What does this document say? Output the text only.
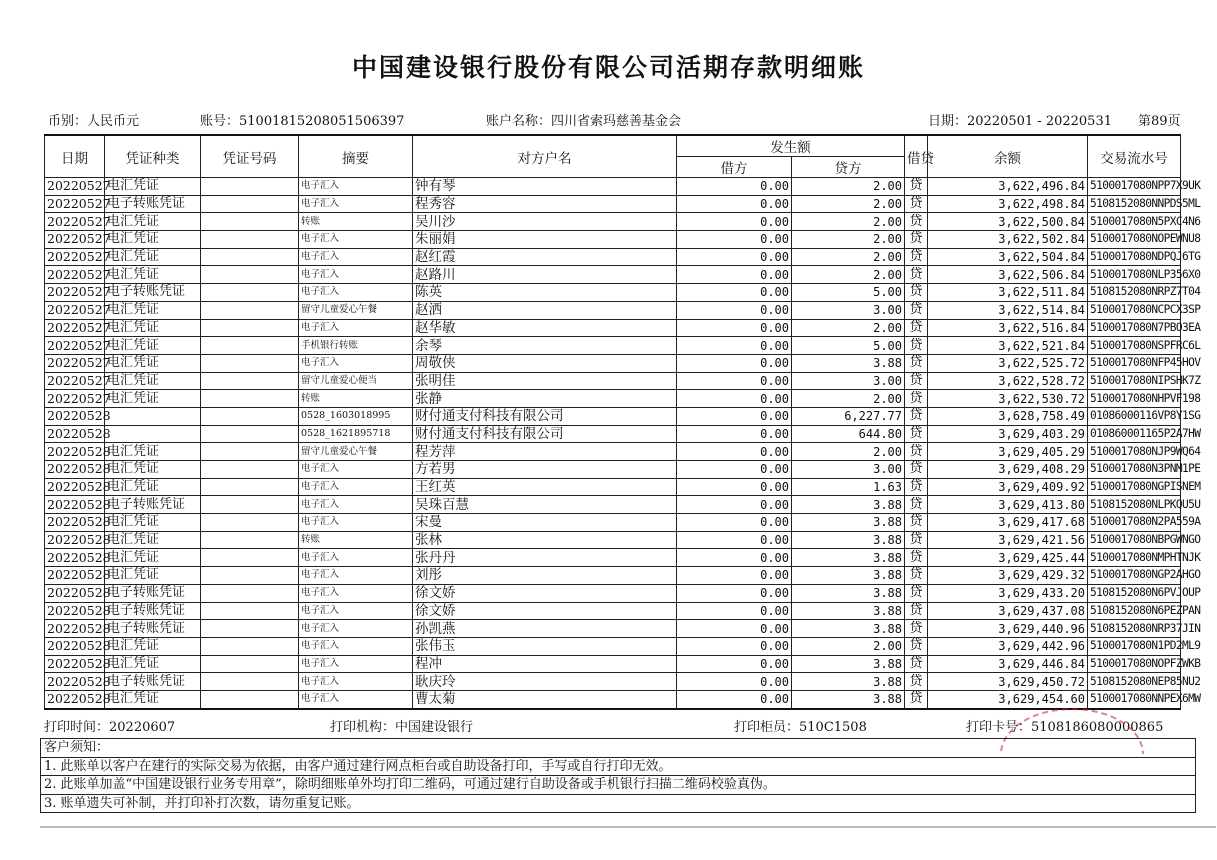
中国建设银行股份有限公司活期存款明细账
币别：人民币元	账号：51001815208051506397	账户名称：四川省索玛慈善基金会	日期：20220501 - 20220531 第89页
日期	凭证种类	凭证号码	摘要	对方户名	发生额		借贷	余额	交易流水号
					借方	贷方			
20220527	电汇凭证		电子汇入	钟有琴	0.00	2.00	贷	3,622,496.84	5100017080NPP7X9UK
20220527	电子转账凭证		电子汇入	程秀容	0.00	2.00	贷	3,622,498.84	5108152080NNPDS5ML
20220527	电汇凭证		转账	吴川沙	0.00	2.00	贷	3,622,500.84	5100017080N5PXC4N6
20220527	电汇凭证		电子汇入	朱丽娟	0.00	2.00	贷	3,622,502.84	5100017080NOPEWNU8
20220527	电汇凭证		电子汇入	赵红霞	0.00	2.00	贷	3,622,504.84	5100017080NDPQJ6TG
20220527	电汇凭证		电子汇入	赵路川	0.00	2.00	贷	3,622,506.84	5100017080NLP356X0
20220527	电子转账凭证		电子汇入	陈英	0.00	5.00	贷	3,622,511.84	5108152080NRPZ7T04
20220527	电汇凭证		留守儿童爱心午餐	赵洒	0.00	3.00	贷	3,622,514.84	5100017080NCPCX3SP
20220527	电汇凭证		电子汇入	赵华敏	0.00	2.00	贷	3,622,516.84	5100017080N7PBO3EA
20220527	电汇凭证		手机银行转账	余琴	0.00	5.00	贷	3,622,521.84	5100017080NSPFRC6L
20220527	电汇凭证		电子汇入	周敬侠	0.00	3.88	贷	3,622,525.72	5100017080NFP45HOV
20220527	电汇凭证		留守儿童爱心便当	张明佳	0.00	3.00	贷	3,622,528.72	5100017080NIPSHK7Z
20220527	电汇凭证		转账	张静	0.00	2.00	贷	3,622,530.72	5100017080NHPVF198
20220528			0528_1603018995	财付通支付科技有限公司	0.00	6,227.77	贷	3,628,758.49	01086000116VP8Y1SG
20220528			0528_1621895718	财付通支付科技有限公司	0.00	644.80	贷	3,629,403.29	010860001165P2A7HW
20220528	电汇凭证		留守儿童爱心午餐	程芳萍	0.00	2.00	贷	3,629,405.29	5100017080NJP9WQ64
20220528	电汇凭证		电子汇入	方若男	0.00	3.00	贷	3,629,408.29	5100017080N3PNM1PE
20220528	电汇凭证		电子汇入	王红英	0.00	1.63	贷	3,629,409.92	5100017080NGPISNEM
20220528	电子转账凭证		电子汇入	吴珠百慧	0.00	3.88	贷	3,629,413.80	5108152080NLPKQU5U
20220528	电汇凭证		电子汇入	宋曼	0.00	3.88	贷	3,629,417.68	5100017080N2PA559A
20220528	电汇凭证		转账	张林	0.00	3.88	贷	3,629,421.56	5100017080NBPGWNGO
20220528	电汇凭证		电子汇入	张丹丹	0.00	3.88	贷	3,629,425.44	5100017080NMPHTNJK
20220528	电汇凭证		电子汇入	刘彤	0.00	3.88	贷	3,629,429.32	5100017080NGP2AHGO
20220528	电子转账凭证		电子汇入	徐文娇	0.00	3.88	贷	3,629,433.20	5108152080N6PVJOUP
20220528	电子转账凭证		电子汇入	徐文娇	0.00	3.88	贷	3,629,437.08	5108152080N6PEZPAN
20220528	电子转账凭证		电子汇入	孙凯燕	0.00	3.88	贷	3,629,440.96	5108152080NRP37JIN
20220528	电汇凭证		电子汇入	张伟玉	0.00	2.00	贷	3,629,442.96	5100017080N1PD2ML9
20220528	电汇凭证		电子汇入	程冲	0.00	3.88	贷	3,629,446.84	5100017080NOPFZWKB
20220528	电子转账凭证		电子汇入	耿庆玲	0.00	3.88	贷	3,629,450.72	5108152080NEP85NU2
20220528	电汇凭证		电子汇入	曹太菊	0.00	3.88	贷	3,629,454.60	5100017080NNPEX6MW
打印时间：20220607	打印机构：中国建设银行	打印柜员：510C1508	打印卡号：5108186080000865
客户须知：
1. 此账单以客户在建行的实际交易为依据，由客户通过建行网点柜台或自助设备打印，手写或自行打印无效。
2. 此账单加盖“中国建设银行业务专用章”，除明细账单外均打印二维码，可通过建行自助设备或手机银行扫描二维码校验真伪。
3. 账单遗失可补制，并打印补打次数，请勿重复记账。
